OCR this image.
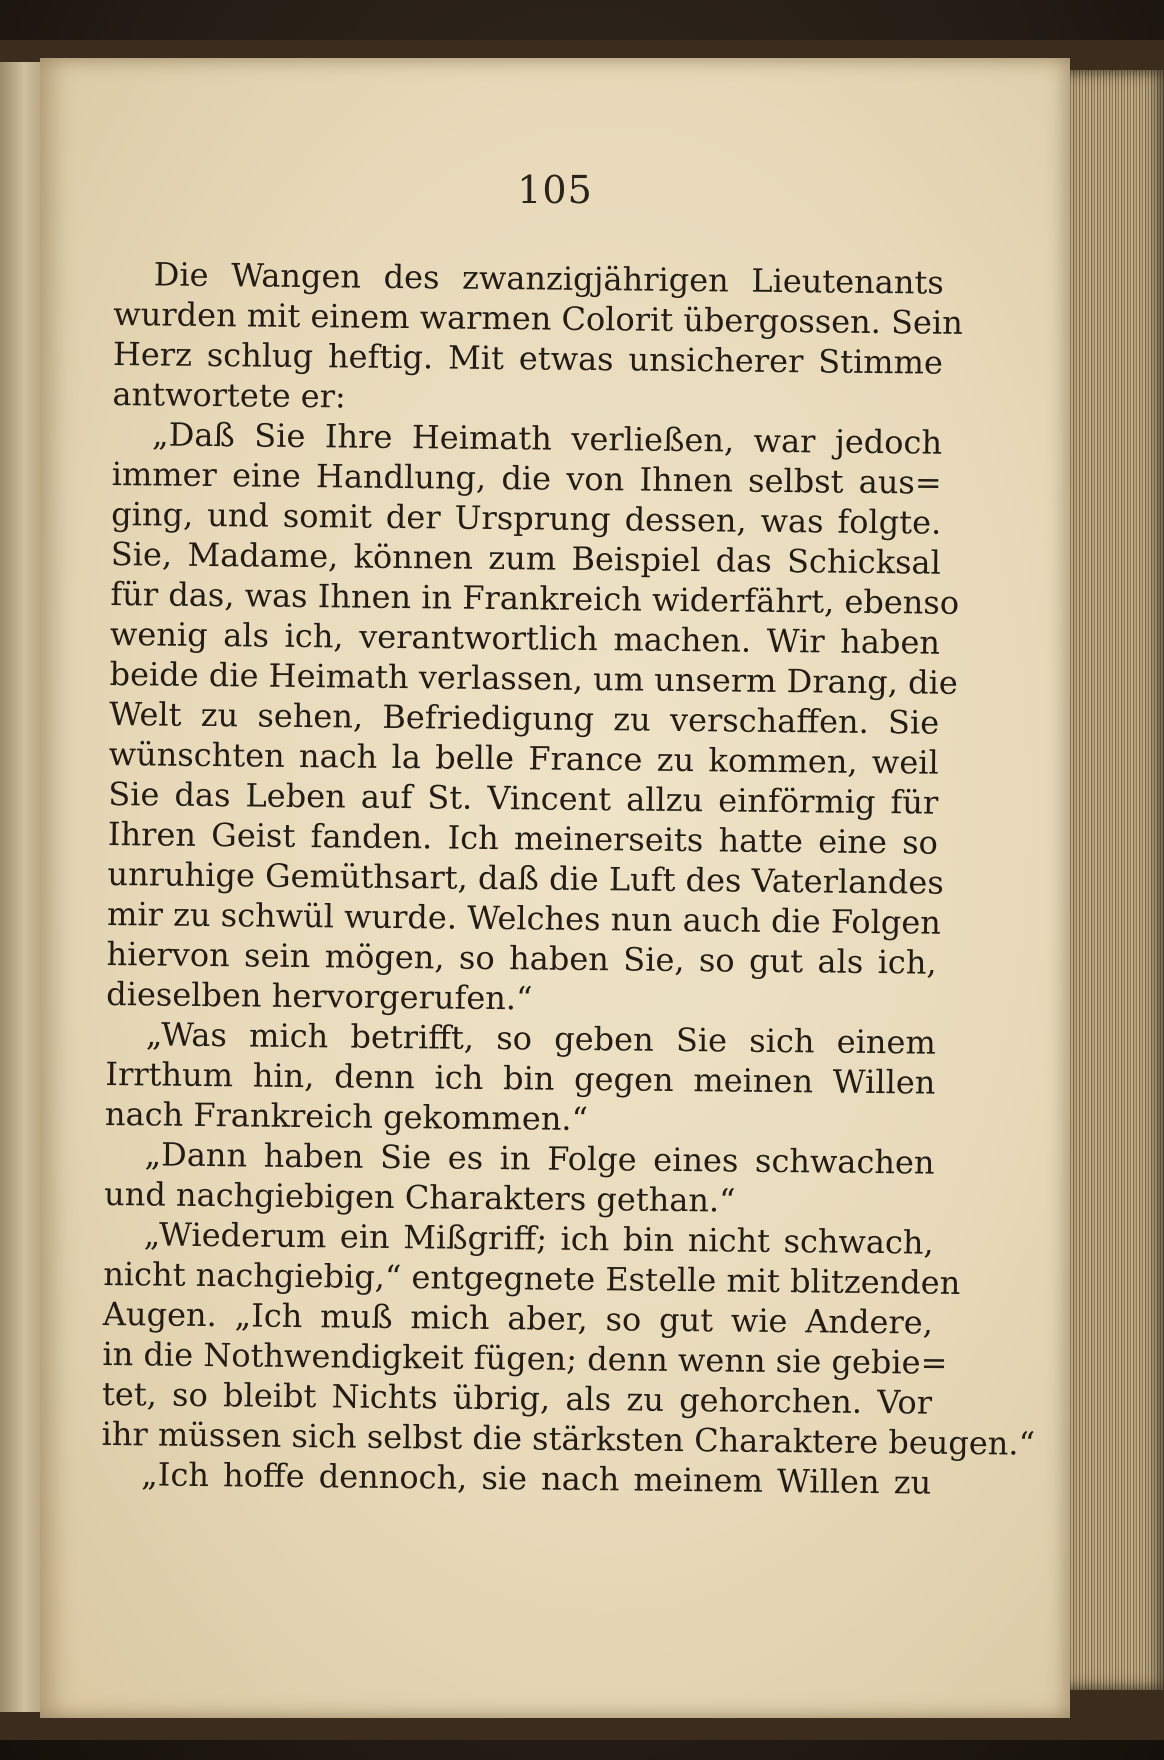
105
Die Wangen des zwanzigjährigen Lieutenants
wurden mit einem warmen Colorit übergossen. Sein
Herz schlug heftig. Mit etwas unsicherer Stimme
antwortete er:
„Daß Sie Ihre Heimath verließen, war jedoch
immer eine Handlung, die von Ihnen selbst aus=
ging, und somit der Ursprung dessen, was folgte.
Sie, Madame, können zum Beispiel das Schicksal
für das, was Ihnen in Frankreich widerfährt, ebenso
wenig als ich, verantwortlich machen. Wir haben
beide die Heimath verlassen, um unserm Drang, die
Welt zu sehen, Befriedigung zu verschaffen. Sie
wünschten nach la belle France zu kommen, weil
Sie das Leben auf St. Vincent allzu einförmig für
Ihren Geist fanden. Ich meinerseits hatte eine so
unruhige Gemüthsart, daß die Luft des Vaterlandes
mir zu schwül wurde. Welches nun auch die Folgen
hiervon sein mögen, so haben Sie, so gut als ich,
dieselben hervorgerufen.“
„Was mich betrifft, so geben Sie sich einem
Irrthum hin, denn ich bin gegen meinen Willen
nach Frankreich gekommen.“
„Dann haben Sie es in Folge eines schwachen
und nachgiebigen Charakters gethan.“
„Wiederum ein Mißgriff; ich bin nicht schwach,
nicht nachgiebig,“ entgegnete Estelle mit blitzenden
Augen. „Ich muß mich aber, so gut wie Andere,
in die Nothwendigkeit fügen; denn wenn sie gebie=
tet, so bleibt Nichts übrig, als zu gehorchen. Vor
ihr müssen sich selbst die stärksten Charaktere beugen.“
„Ich hoffe dennoch, sie nach meinem Willen zu
